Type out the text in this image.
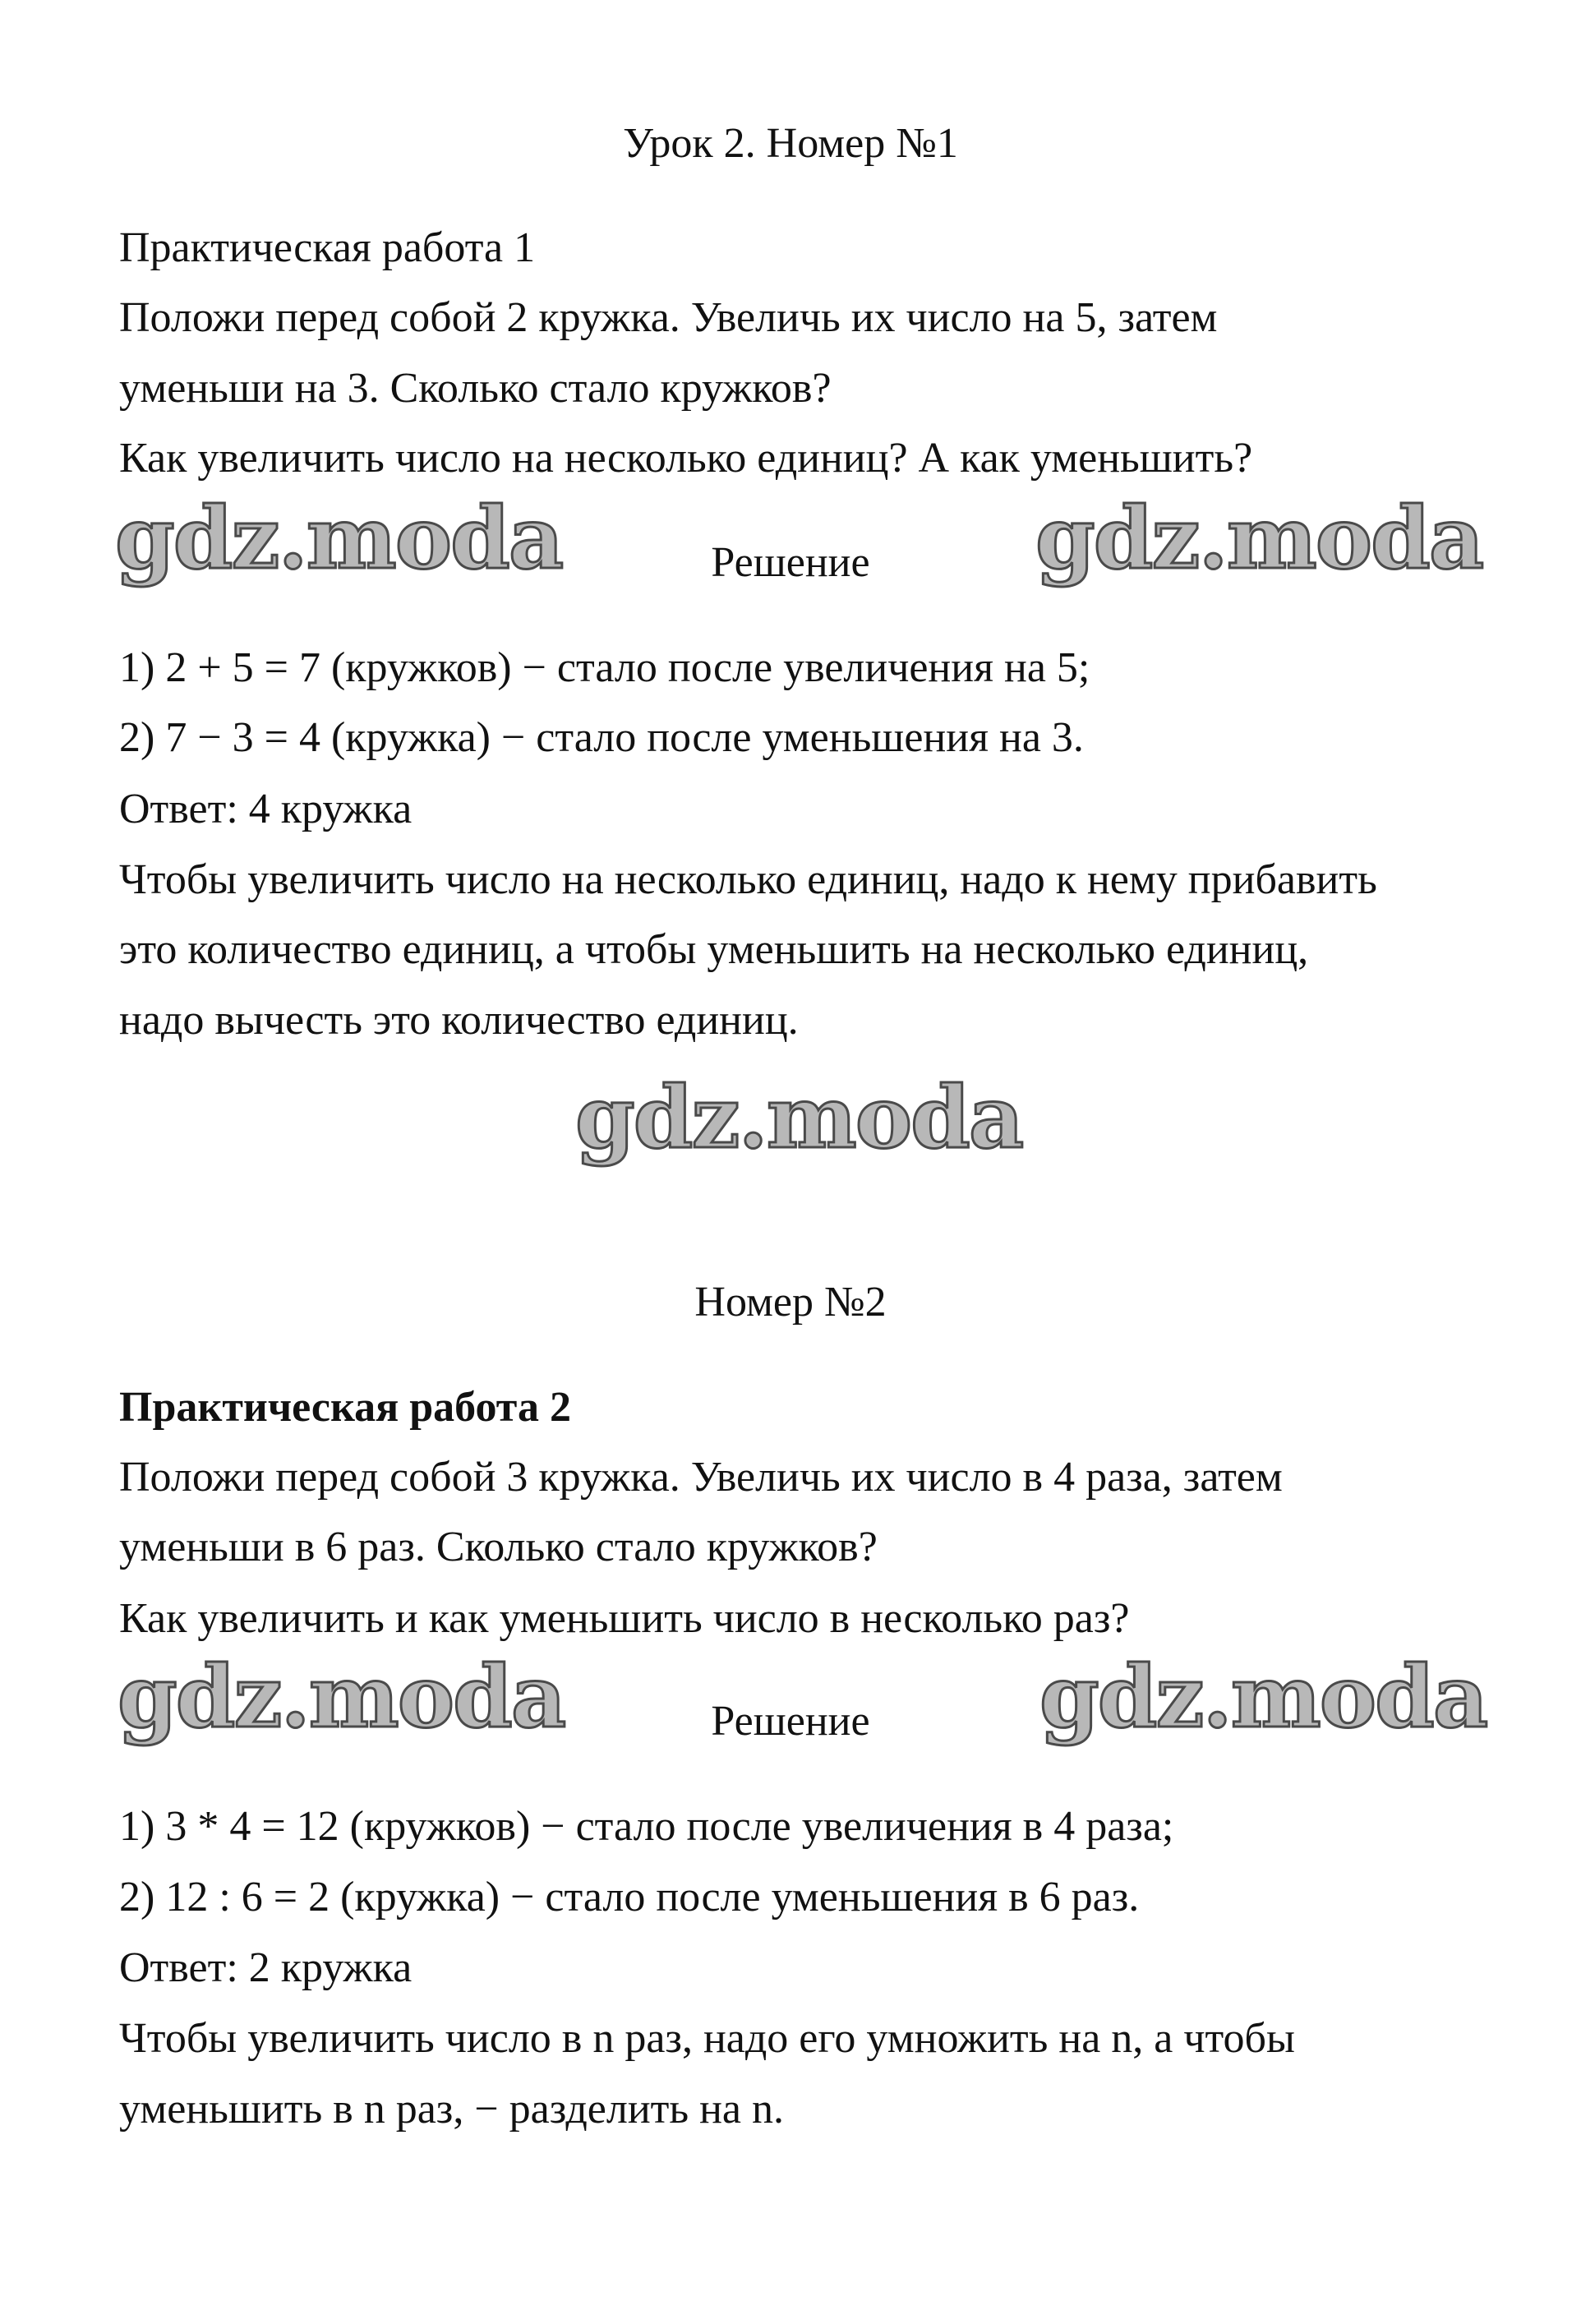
Урок 2. Номер №1
Практическая работа 1
Положи перед собой 2 кружка. Увеличь их число на 5, затем
уменьши на 3. Сколько стало кружков?
Как увеличить число на несколько единиц? А как уменьшить?
gdz.moda	Решение	gdz.moda
1) 2 + 5 = 7 (кружков) − стало после увеличения на 5;
2) 7 − 3 = 4 (кружка) − стало после уменьшения на 3.
Ответ: 4 кружка
Чтобы увеличить число на несколько единиц, надо к нему прибавить
это количество единиц, а чтобы уменьшить на несколько единиц,
надо вычесть это количество единиц.
gdz.moda
Номер №2
Практическая работа 2
Положи перед собой 3 кружка. Увеличь их число в 4 раза, затем
уменьши в 6 раз. Сколько стало кружков?
Как увеличить и как уменьшить число в несколько раз?
gdz.moda	Решение	gdz.moda
1) 3 * 4 = 12 (кружков) − стало после увеличения в 4 раза;
2) 12 : 6 = 2 (кружка) − стало после уменьшения в 6 раз.
Ответ: 2 кружка
Чтобы увеличить число в n раз, надо его умножить на n, а чтобы
уменьшить в n раз, − разделить на n.
